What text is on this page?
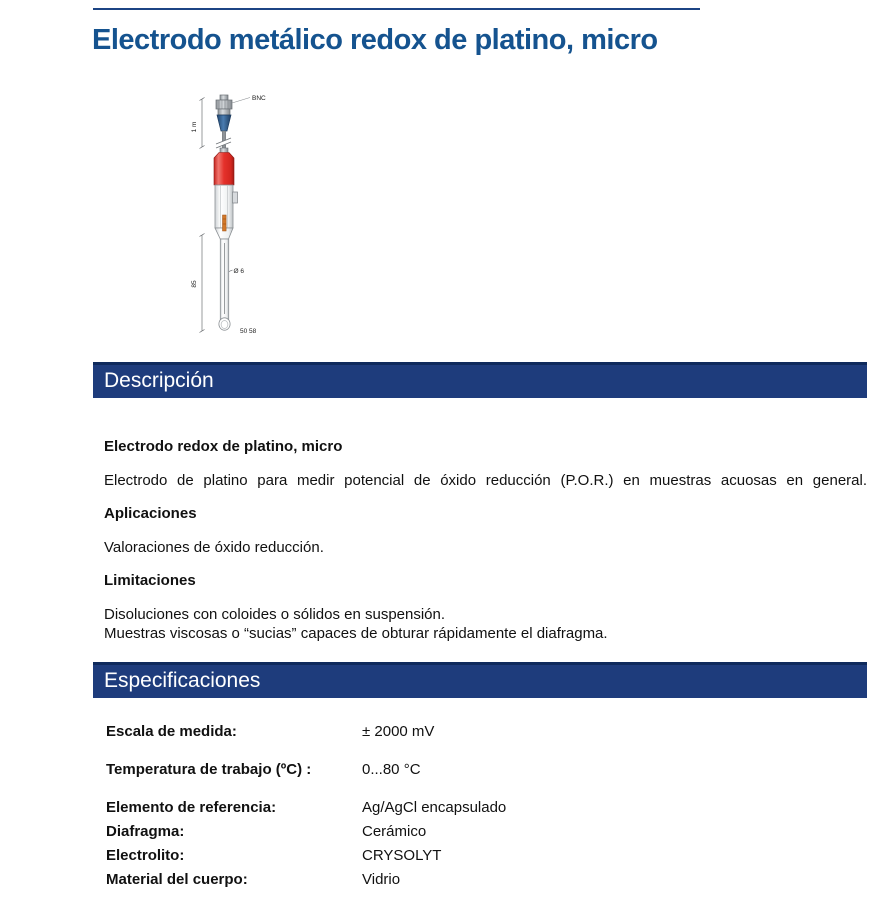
Electrodo metálico redox de platino, micro
1 m
85
BNC
Ø 6
50 58
Descripción
Electrodo redox de platino, micro
Electrodo de platino para medir potencial de óxido reducción (P.O.R.) en muestras acuosas en general.
Aplicaciones
Valoraciones de óxido reducción.
Limitaciones
Disoluciones con coloides o sólidos en suspensión.
Muestras viscosas o “sucias” capaces de obturar rápidamente el diafragma.
Especificaciones
Escala de medida:	± 2000 mV
Temperatura de trabajo (ºC) :	0...80 °C
Elemento de referencia:	Ag/AgCl encapsulado
Diafragma:	Cerámico
Electrolito:	CRYSOLYT
Material del cuerpo:	Vidrio
